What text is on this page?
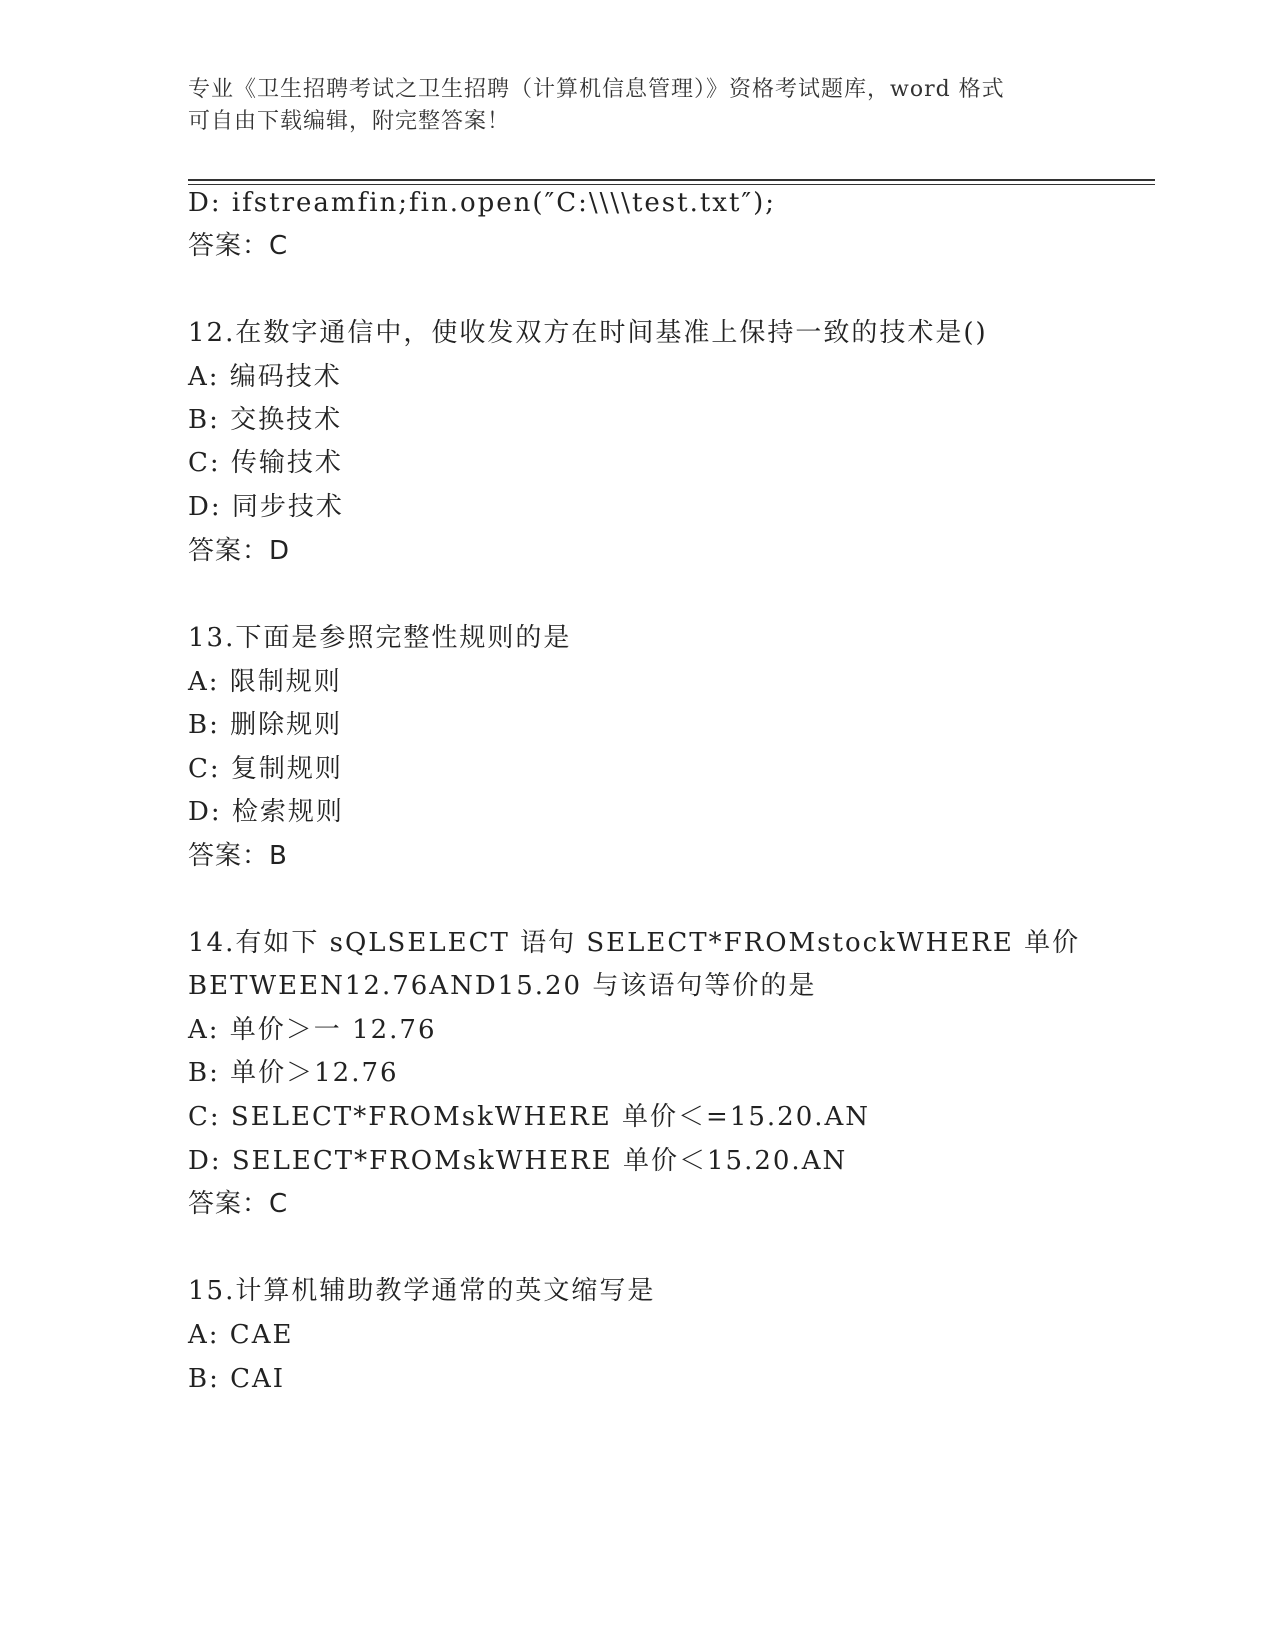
专业《卫生招聘考试之卫生招聘（计算机信息管理）》资格考试题库，word 格式
可自由下载编辑，附完整答案！
D: ifstreamfin;fin.open(″C:\\\\test.txt″);
答案：C
12.在数字通信中，使收发双方在时间基准上保持一致的技术是()
A: 编码技术
B: 交换技术
C: 传输技术
D: 同步技术
答案：D
13.下面是参照完整性规则的是
A: 限制规则
B: 删除规则
C: 复制规则
D: 检索规则
答案：B
14.有如下 sQLSELECT 语句 SELECT*FROMstockWHERE 单价
BETWEEN12.76AND15.20 与该语句等价的是
A: 单价＞一 12.76
B: 单价＞12.76
C: SELECT*FROMskWHERE 单价＜=15.20.AN
D: SELECT*FROMskWHERE 单价＜15.20.AN
答案：C
15.计算机辅助教学通常的英文缩写是
A: CAE
B: CAI
